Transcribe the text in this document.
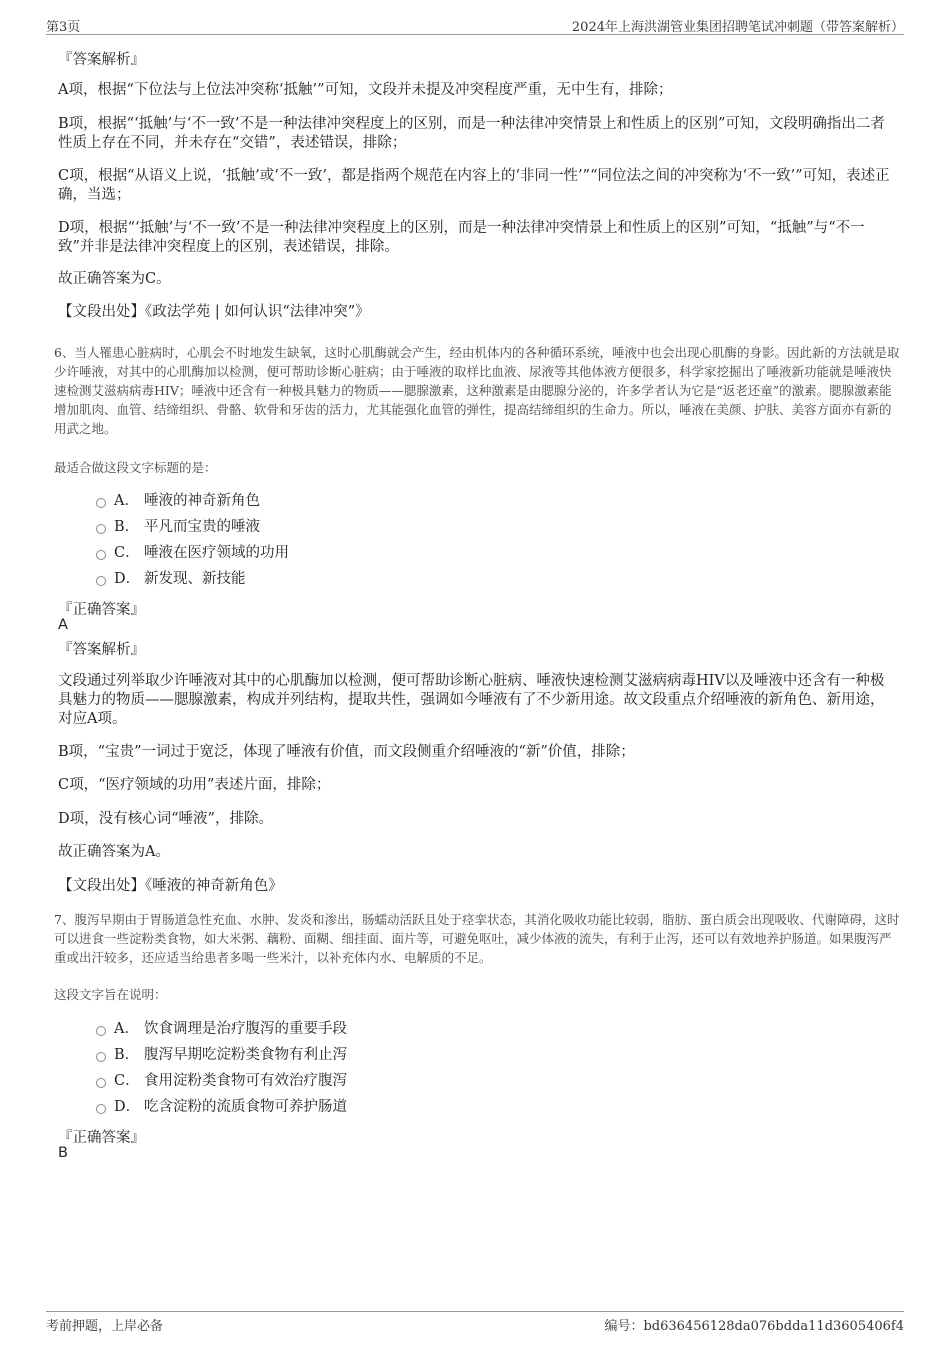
第3页	2024年上海洪湖管业集团招聘笔试冲刺题（带答案解析）
『答案解析』
A项，根据“下位法与上位法冲突称‘抵触’”可知，文段并未提及冲突程度严重，无中生有，排除；
B项，根据“‘抵触’与‘不一致’不是一种法律冲突程度上的区别，而是一种法律冲突情景上和性质上的区别”可知，文段明确指出二者性质上存在不同，并未存在“交错”，表述错误，排除；
C项，根据“从语义上说，‘抵触’或‘不一致’，都是指两个规范在内容上的‘非同一性’”“同位法之间的冲突称为‘不一致’”可知，表述正确，当选；
D项，根据“‘抵触’与‘不一致’不是一种法律冲突程度上的区别，而是一种法律冲突情景上和性质上的区别”可知，“抵触”与“不一致”并非是法律冲突程度上的区别，表述错误，排除。
故正确答案为C。
【文段出处】《政法学苑 | 如何认识“法律冲突”》
6、当人罹患心脏病时，心肌会不时地发生缺氧，这时心肌酶就会产生，经由机体内的各种循环系统，唾液中也会出现心肌酶的身影。因此新的方法就是取少许唾液，对其中的心肌酶加以检测，便可帮助诊断心脏病；由于唾液的取样比血液、尿液等其他体液方便很多，科学家挖掘出了唾液新功能就是唾液快速检测艾滋病病毒HIV；唾液中还含有一种极具魅力的物质——腮腺激素，这种激素是由腮腺分泌的，许多学者认为它是“返老还童”的激素。腮腺激素能增加肌肉、血管、结缔组织、骨骼、软骨和牙齿的活力，尤其能强化血管的弹性，提高结缔组织的生命力。所以，唾液在美颜、护肤、美容方面亦有新的用武之地。
最适合做这段文字标题的是：
A． 唾液的神奇新角色
B． 平凡而宝贵的唾液
C． 唾液在医疗领域的功用
D． 新发现、新技能
『正确答案』
A
『答案解析』
文段通过列举取少许唾液对其中的心肌酶加以检测，便可帮助诊断心脏病、唾液快速检测艾滋病病毒HIV以及唾液中还含有一种极具魅力的物质——腮腺激素，构成并列结构，提取共性，强调如今唾液有了不少新用途。故文段重点介绍唾液的新角色、新用途，对应A项。
B项，“宝贵”一词过于宽泛，体现了唾液有价值，而文段侧重介绍唾液的“新”价值，排除；
C项，“医疗领域的功用”表述片面，排除；
D项，没有核心词“唾液”，排除。
故正确答案为A。
【文段出处】《唾液的神奇新角色》
7、腹泻早期由于胃肠道急性充血、水肿、发炎和渗出，肠蠕动活跃且处于痉挛状态，其消化吸收功能比较弱，脂肪、蛋白质会出现吸收、代谢障碍，这时可以进食一些淀粉类食物，如大米粥、藕粉、面糊、细挂面、面片等，可避免呕吐，减少体液的流失，有利于止泻，还可以有效地养护肠道。如果腹泻严重或出汗较多，还应适当给患者多喝一些米汁，以补充体内水、电解质的不足。
这段文字旨在说明：
A． 饮食调理是治疗腹泻的重要手段
B． 腹泻早期吃淀粉类食物有利止泻
C． 食用淀粉类食物可有效治疗腹泻
D． 吃含淀粉的流质食物可养护肠道
『正确答案』
B
考前押题，上岸必备	编号：bd636456128da076bdda11d3605406f4
